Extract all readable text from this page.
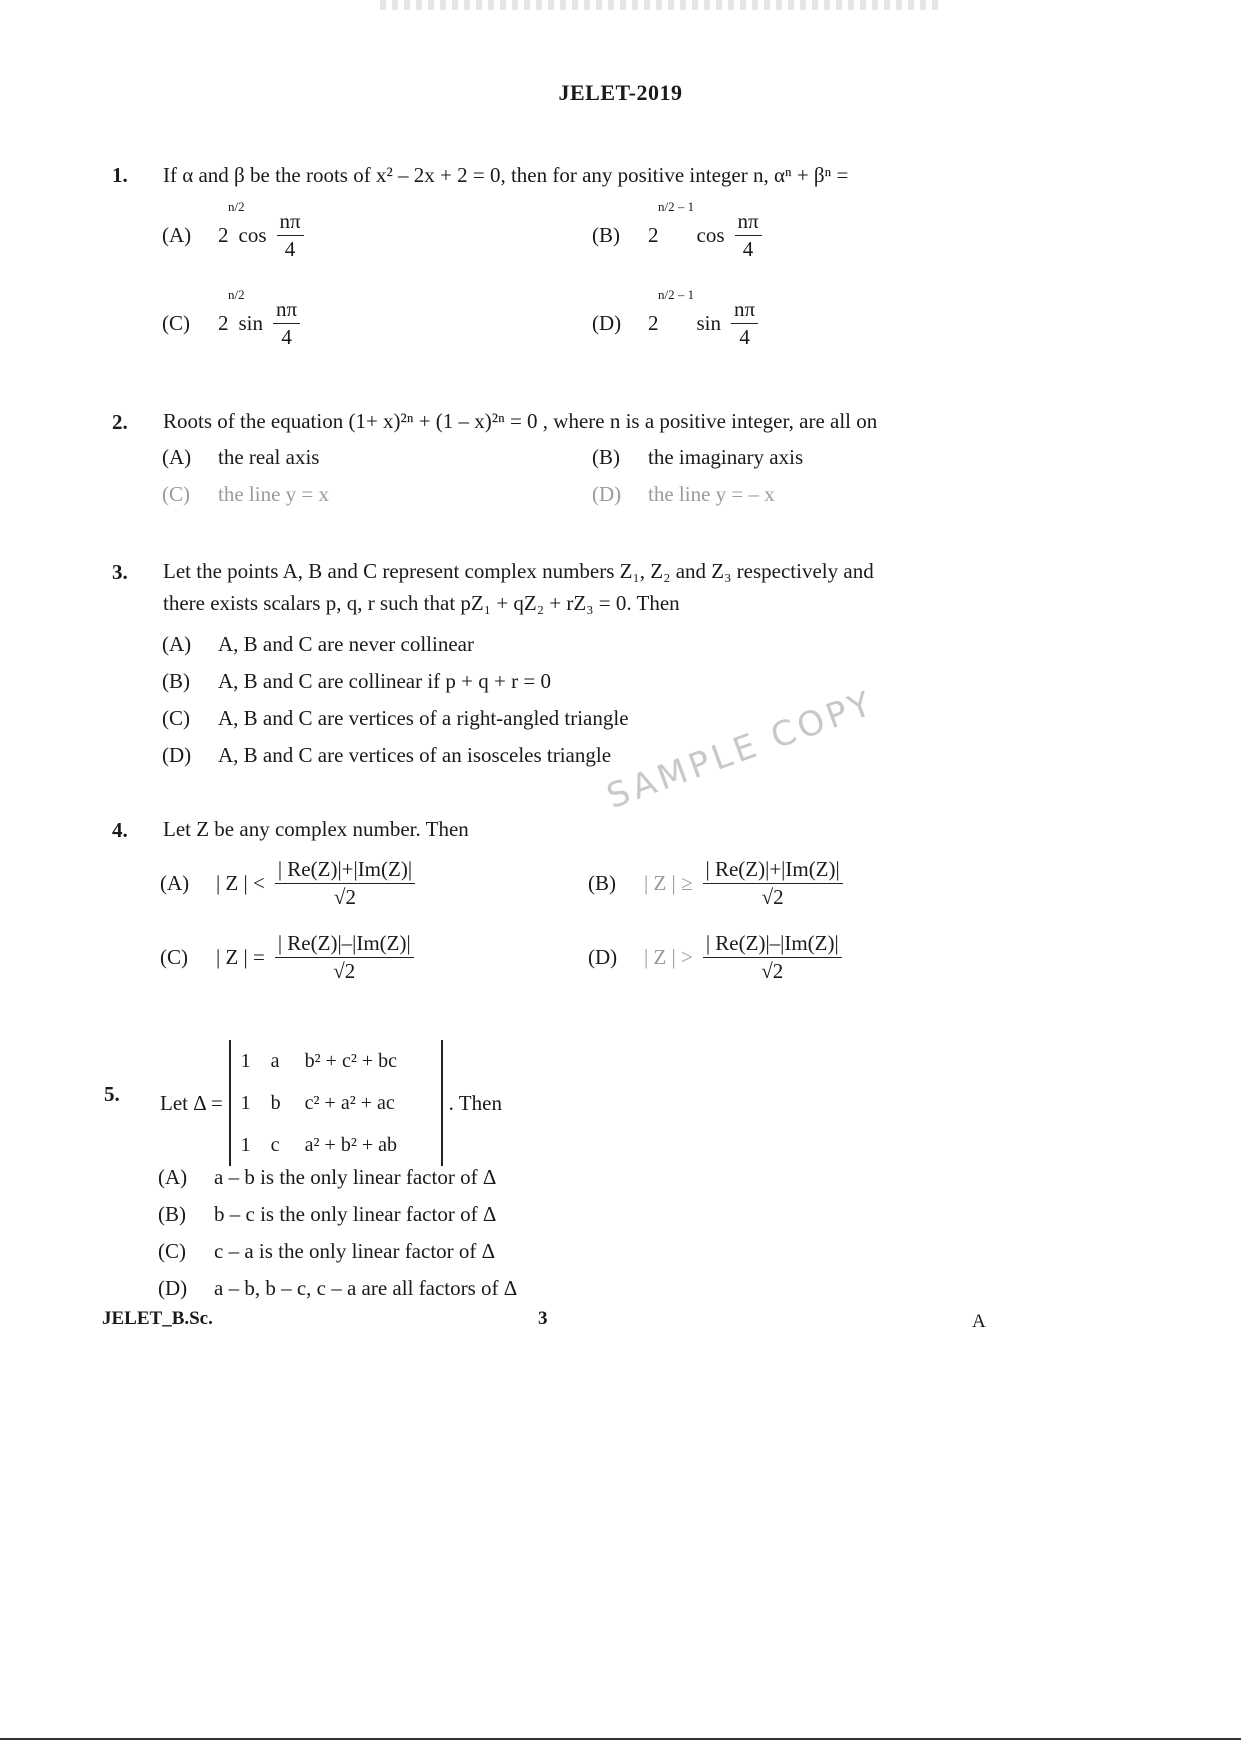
JELET-2019
1. If α and β be the roots of x² – 2x + 2 = 0, then for any positive integer n, αⁿ + βⁿ =
(A)	2
n/2
$\cos \frac{n\pi}{4}$	(B)	2
n/2 – 1
$\cos \frac{n\pi}{4}$
(C)	2
n/2
$\sin \frac{n\pi}{4}$	(D)	2
n/2 – 1
$\sin \frac{n\pi}{4}$
2. Roots of the equation (1+ x)²ⁿ + (1 – x)²ⁿ = 0 , where n is a positive integer, are all on
(A)	the real axis	(B)	the imaginary axis
(C)	the line y = x	(D)	the line y = – x
3. Let the points A, B and C represent complex numbers Z₁, Z₂ and Z₃ respectively and
there exists scalars p, q, r such that pZ₁ + qZ₂ + rZ₃ = 0. Then
(A)	A, B and C are never collinear
(B)	A, B and C are collinear if p + q + r = 0
(C)	A, B and C are vertices of a right-angled triangle
(D)	A, B and C are vertices of an isosceles triangle
SAMPLE COPY
4. Let Z be any complex number. Then
(A)	| Z | < $\frac{| Re(Z)|+|Im(Z)|}{√2}$	(B)	| Z | ≥ $\frac{| Re(Z)|+|Im(Z)|}{√2}$
(C)	| Z | = $\frac{| Re(Z)|-|Im(Z)|}{√2}$	(D)	| Z | > $\frac{| Re(Z)|-|Im(Z)|}{√2}$
5. Let Δ =
1	a	b² + c² + bc
1	b	c² + a² + ac
1	c	a² + b² + ab
. Then
(A)	a – b is the only linear factor of Δ
(B)	b – c is the only linear factor of Δ
(C)	c – a is the only linear factor of Δ
(D)	a – b, b – c, c – a are all factors of Δ
JELET_B.Sc.	3	A
